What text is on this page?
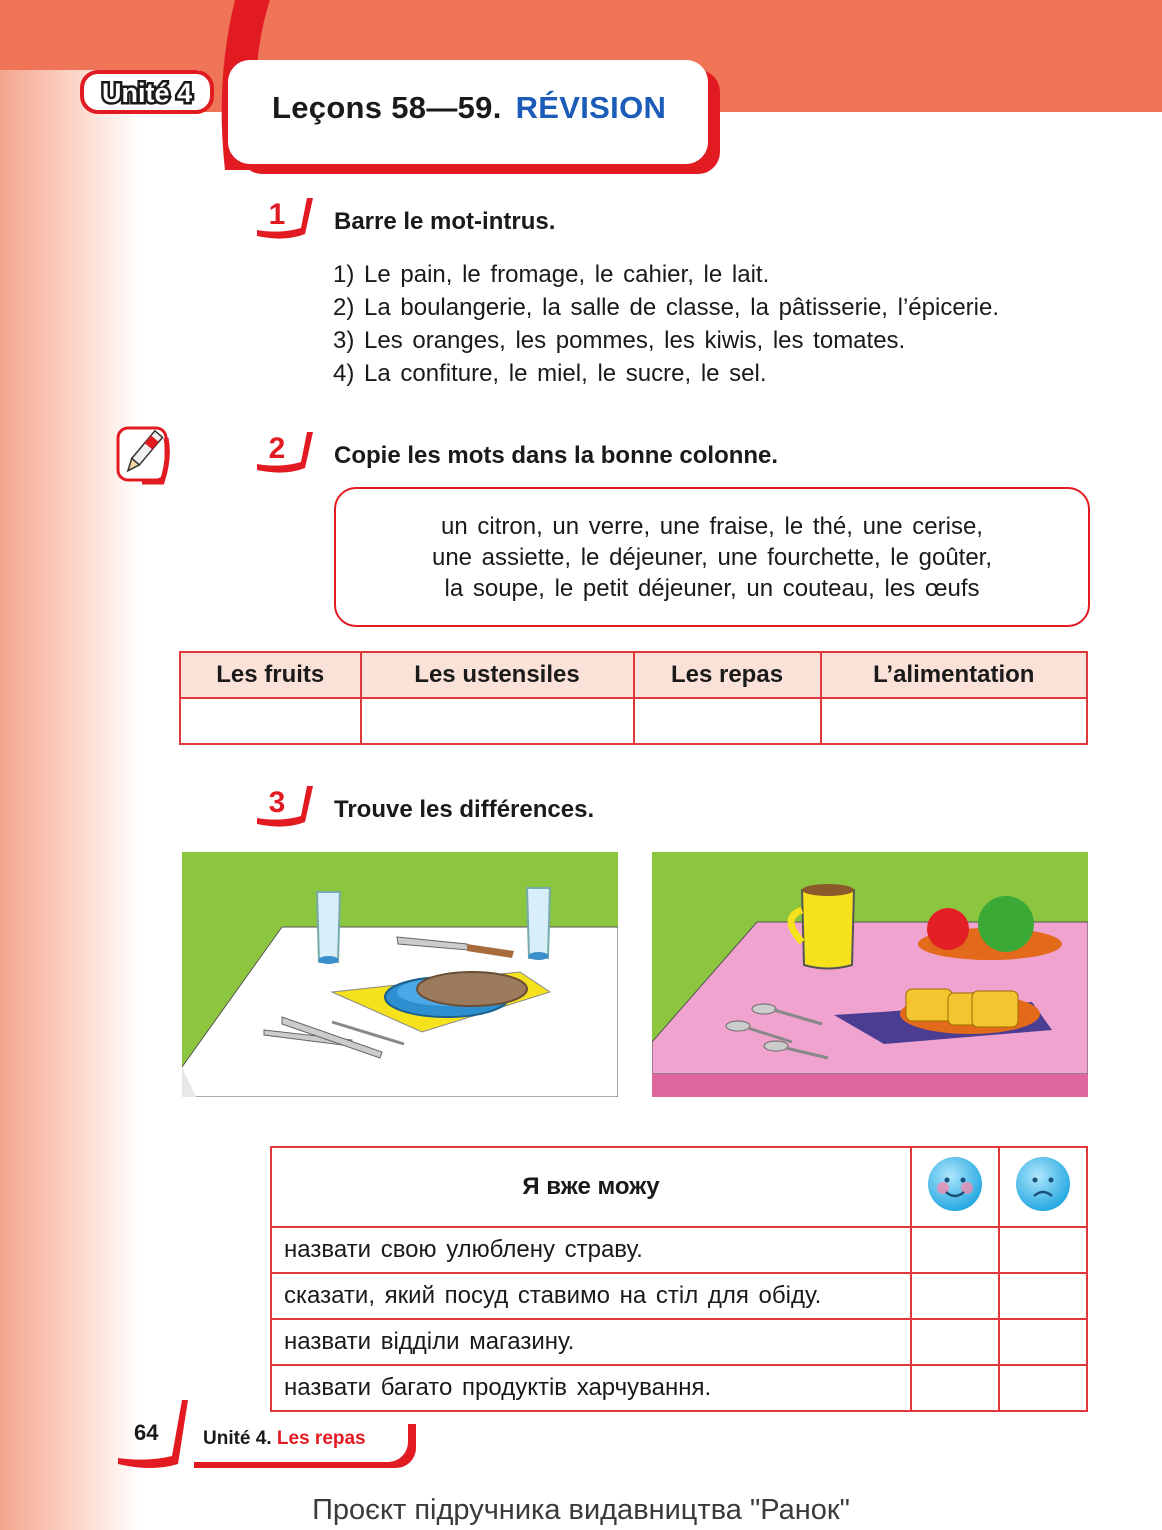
Leçons 58—59. RÉVISION
Unité 4
1	Barre le mot-intrus.
1) Le pain, le fromage, le cahier, le lait.
2) La boulangerie, la salle de classe, la pâtisserie, l’épicerie.
3) Les oranges, les pommes, les kiwis, les tomates.
4) La confiture, le miel, le sucre, le sel.
2	Copie les mots dans la bonne colonne.
un citron, un verre, une fraise, le thé, une cerise,
une assiette, le déjeuner, une fourchette, le goûter,
la soupe, le petit déjeuner, un couteau, les œufs
Les fruits	Les ustensiles	Les repas	L’alimentation

3	Trouve les différences.
Я вже можу		
назвати свою улюблену страву.		
сказати, який посуд ставимо на стіл для обіду.		
назвати відділи магазину.		
назвати багато продуктів харчування.		
64 Unité 4. Les repas
Проєкт підручника видавництва "Ранок"
